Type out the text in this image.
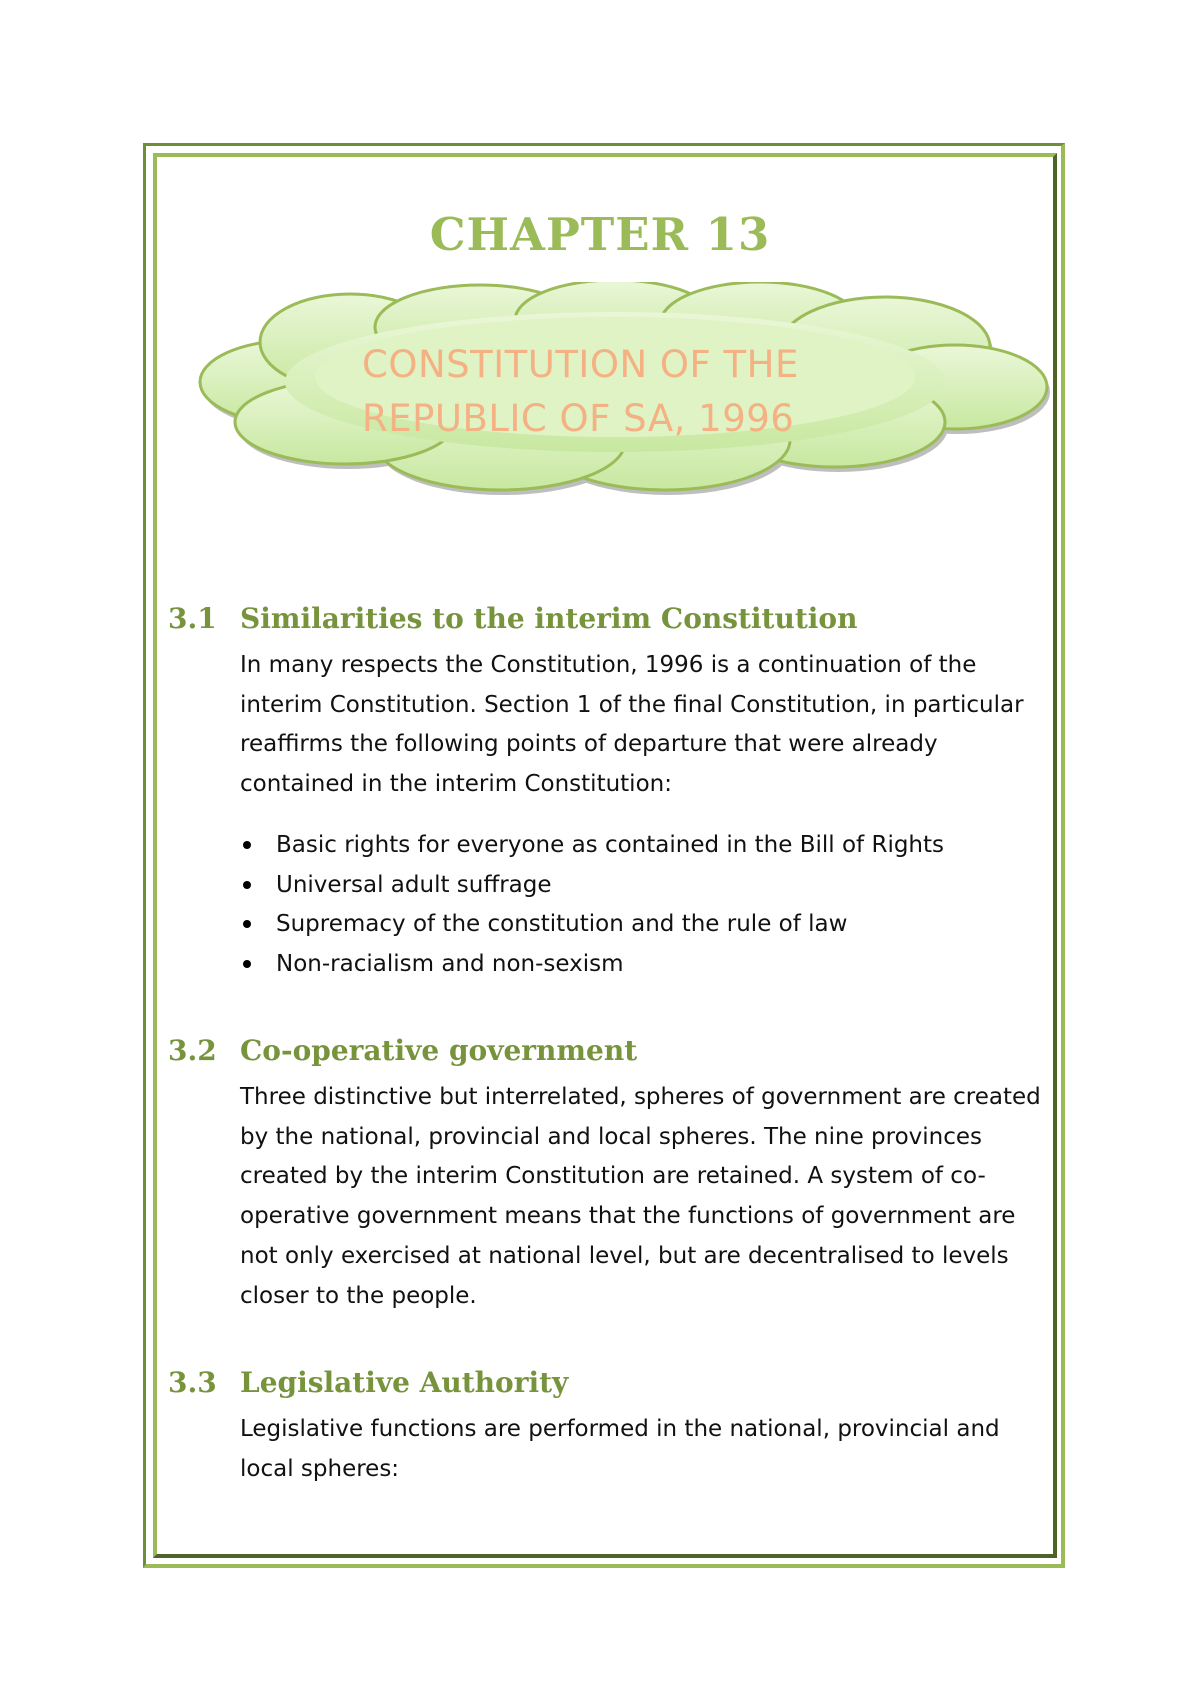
CHAPTER 13
CONSTITUTION OF THE
REPUBLIC OF SA, 1996
3.1 Similarities to the interim Constitution
In many respects the Constitution, 1996 is a continuation of the interim Constitution. Section 1 of the final Constitution, in particular reaffirms the following points of departure that were already contained in the interim Constitution:
Basic rights for everyone as contained in the Bill of Rights
Universal adult suffrage
Supremacy of the constitution and the rule of law
Non-racialism and non-sexism
3.2 Co-operative government
Three distinctive but interrelated, spheres of government are created by the national, provincial and local spheres. The nine provinces created by the interim Constitution are retained. A system of co-operative government means that the functions of government are not only exercised at national level, but are decentralised to levels closer to the people.
3.3 Legislative Authority
Legislative functions are performed in the national, provincial and local spheres:
